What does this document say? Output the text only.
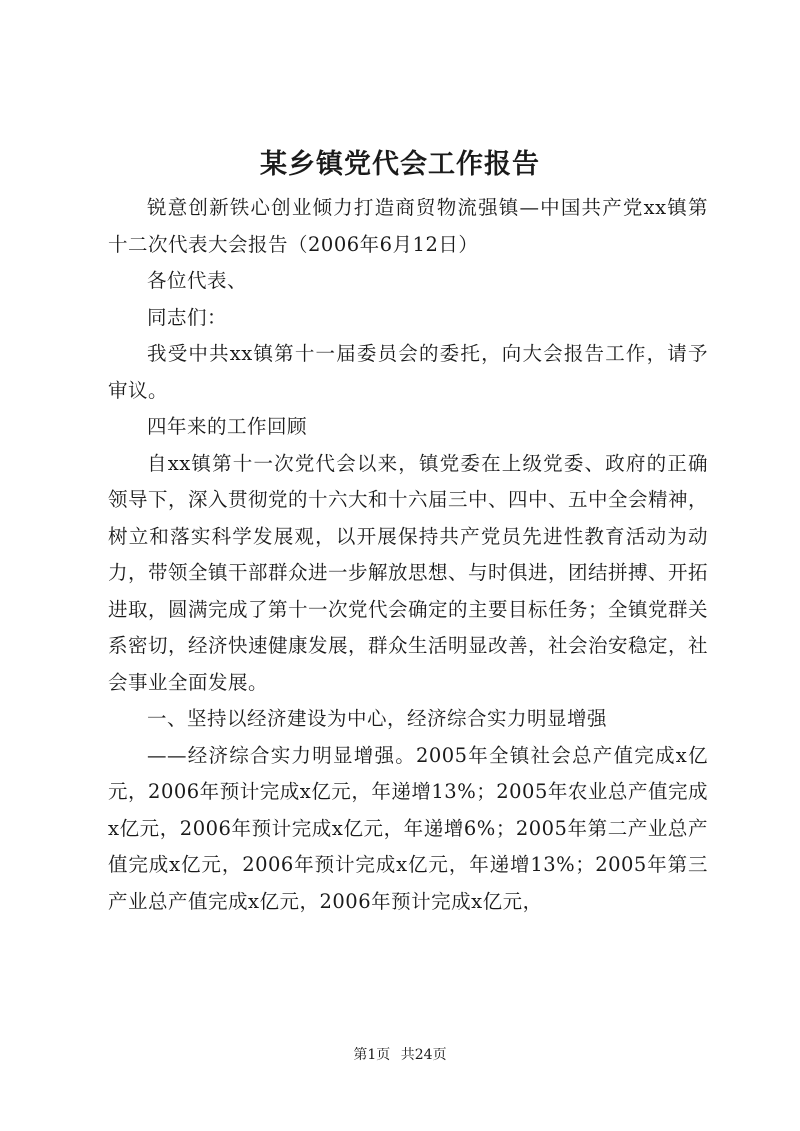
某乡镇党代会工作报告

锐意创新铁心创业倾力打造商贸物流强镇—中国共产党xx镇第十二次代表大会报告（2006年6月12日）

各位代表、

同志们：

我受中共xx镇第十一届委员会的委托，向大会报告工作，请予审议。

四年来的工作回顾

自xx镇第十一次党代会以来，镇党委在上级党委、政府的正确领导下，深入贯彻党的十六大和十六届三中、四中、五中全会精神，树立和落实科学发展观，以开展保持共产党员先进性教育活动为动力，带领全镇干部群众进一步解放思想、与时俱进，团结拼搏、开拓进取，圆满完成了第十一次党代会确定的主要目标任务；全镇党群关系密切，经济快速健康发展，群众生活明显改善，社会治安稳定，社会事业全面发展。

一、坚持以经济建设为中心，经济综合实力明显增强

——经济综合实力明显增强。2005年全镇社会总产值完成x亿元，2006年预计完成x亿元，年递增13%；2005年农业总产值完成x亿元，2006年预计完成x亿元，年递增6%；2005年第二产业总产值完成x亿元，2006年预计完成x亿元，年递增13%；2005年第三产业总产值完成x亿元，2006年预计完成x亿元，

第1页 共24页
